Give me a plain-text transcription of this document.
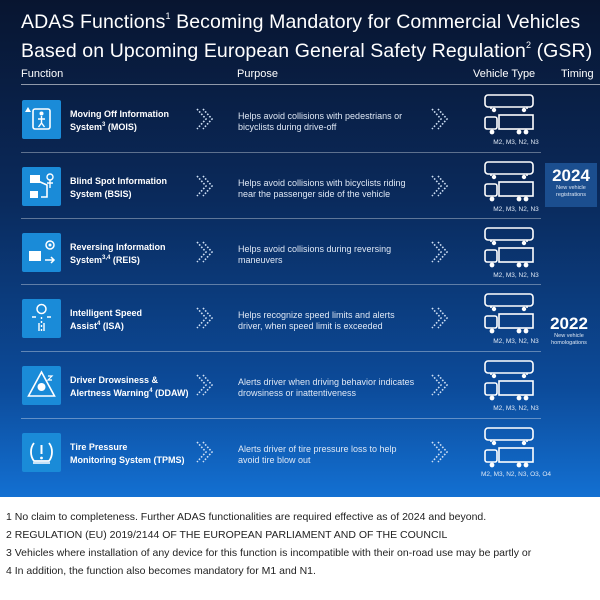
ADAS Functions$^1$ Becoming Mandatory for Commercial Vehicles
Based on Upcoming European General Safety Regulation$^2$ (GSR)
Function	Purpose	Vehicle Type Timing
Moving Off Information
System$^3$ (MOIS)
Helps avoid collisions with pedestrians or bicyclists during drive-off
M2, M3, N2, N3
Blind Spot Information
System (BSIS)
Helps avoid collisions with bicyclists riding near the passenger side of the vehicle
M2, M3, N2, N3
Reversing Information
System$^{3,4}$ (REIS)
Helps avoid collisions during reversing maneuvers
M2, M3, N2, N3
Intelligent Speed
Assist$^4$ (ISA)
Helps recognize speed limits and alerts driver, when speed limit is exceeded
M2, M3, N2, N3
Driver Drowsiness &
Alertness Warning$^4$ (DDAW)
Alerts driver when driving behavior indicates drowsiness or inattentiveness
M2, M3, N2, N3
Tire Pressure
Monitoring System (TPMS)
Alerts driver of tire pressure loss to help avoid tire blow out
M2, M3, N2, N3, O3, O4
2024
New vehicle registrations
2022
New vehicle homologations
1 No claim to completeness. Further ADAS functionalities are required effective as of 2024 and beyond.
2 REGULATION (EU) 2019/2144 OF THE EUROPEAN PARLIAMENT AND OF THE COUNCIL
3 Vehicles where installation of any device for this function is incompatible with their on-road use may be partly or
4 In addition, the function also becomes mandatory for M1 and N1.
